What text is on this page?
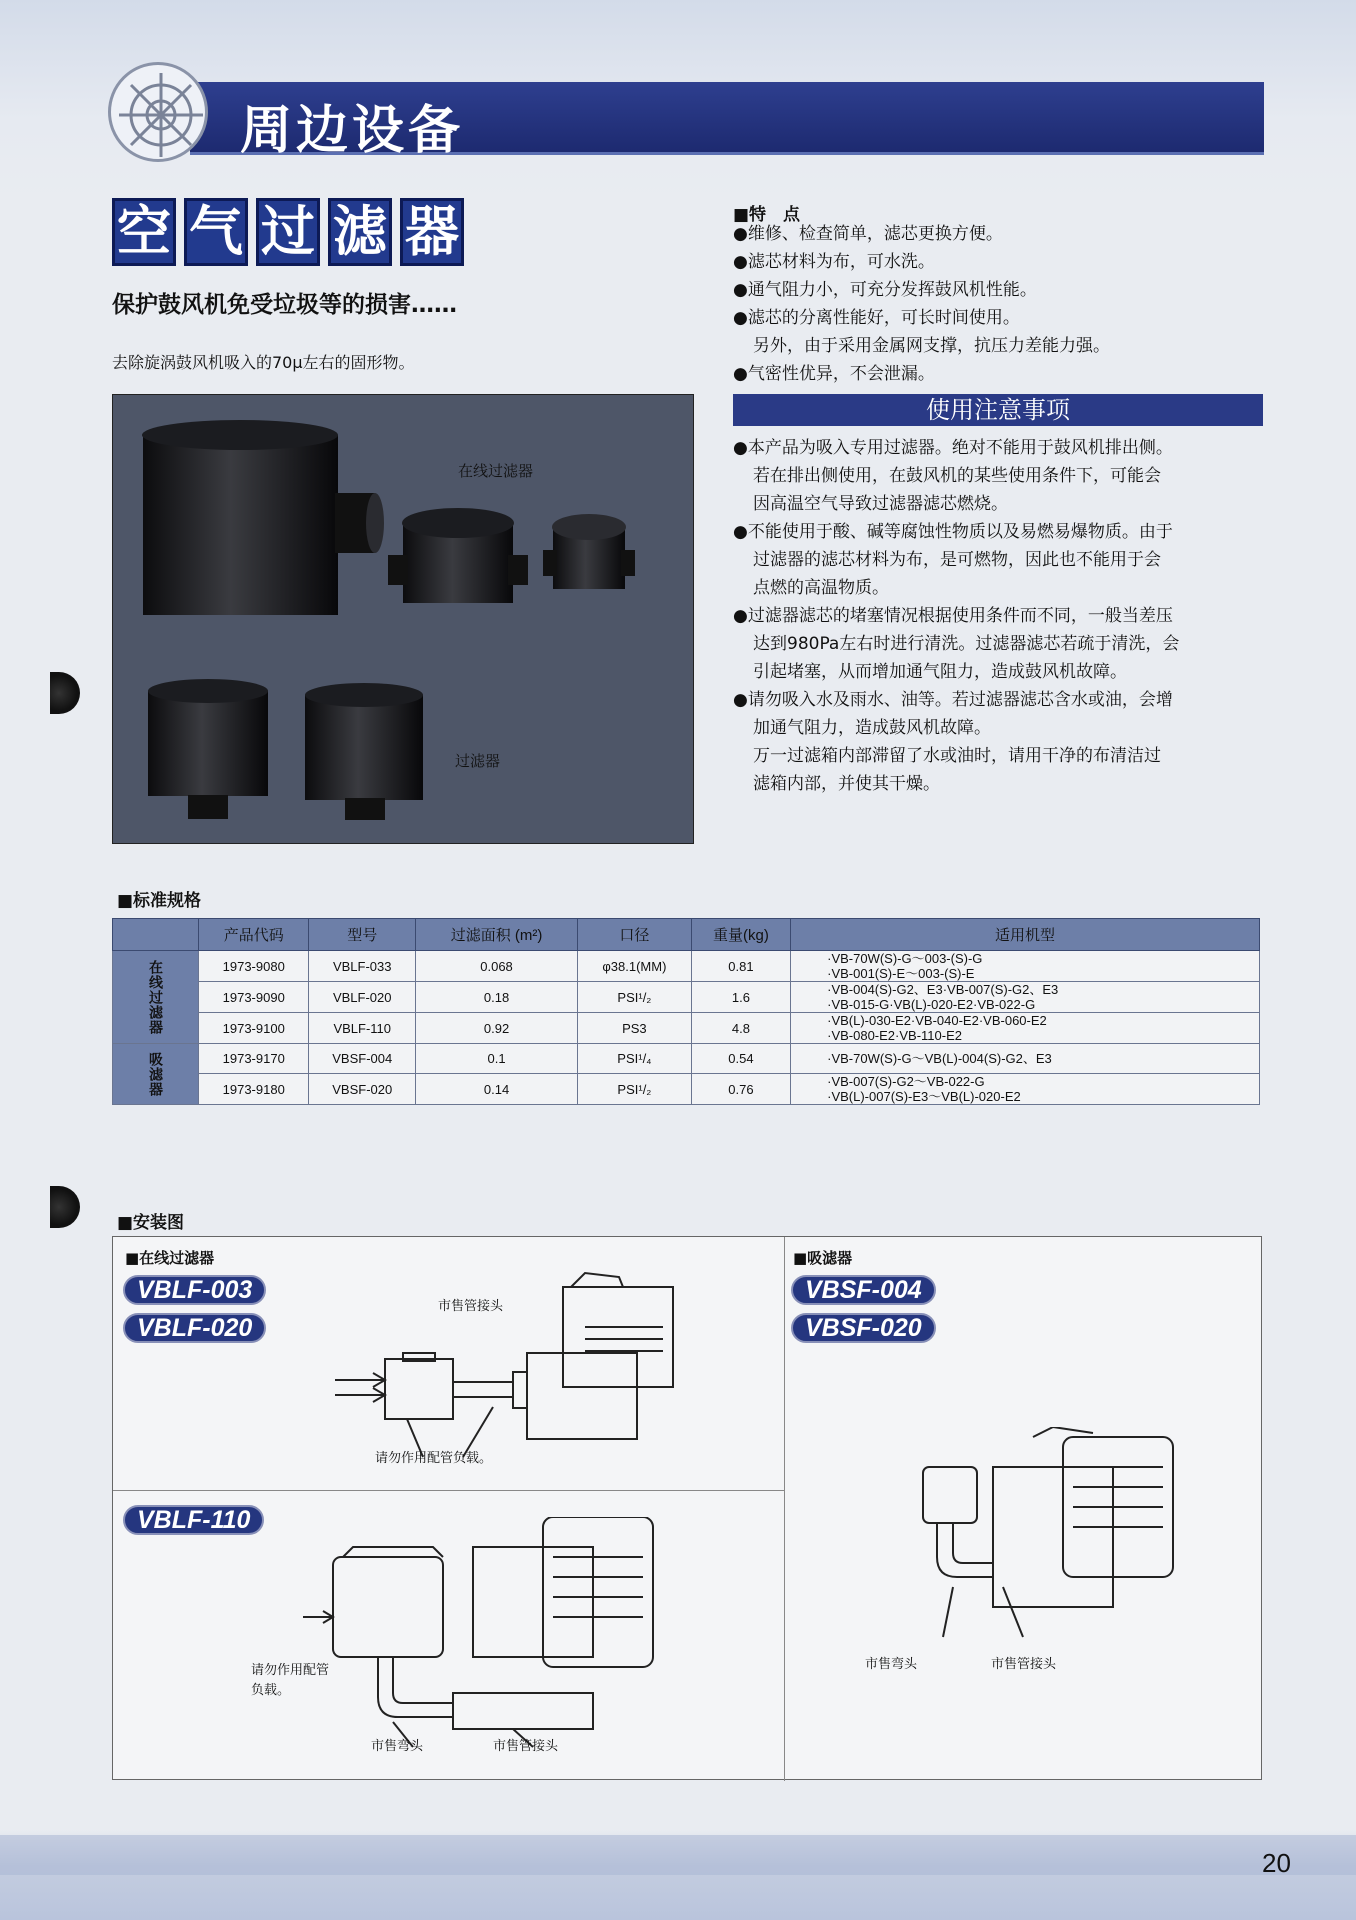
周边设备
空 气 过 滤 器
保护鼓风机免受垃圾等的损害……
去除旋涡鼓风机吸入的70μ左右的固形物。
在线过滤器
过滤器
■特　点
●维修、检查简单，滤芯更换方便。
●滤芯材料为布，可水洗。
●通气阻力小，可充分发挥鼓风机性能。
●滤芯的分离性能好，可长时间使用。
另外，由于采用金属网支撑，抗压力差能力强。
●气密性优异，不会泄漏。
使用注意事项
●本产品为吸入专用过滤器。绝对不能用于鼓风机排出侧。
若在排出侧使用，在鼓风机的某些使用条件下，可能会
因高温空气导致过滤器滤芯燃烧。
●不能使用于酸、碱等腐蚀性物质以及易燃易爆物质。由于
过滤器的滤芯材料为布，是可燃物，因此也不能用于会
点燃的高温物质。
●过滤器滤芯的堵塞情况根据使用条件而不同，一般当差压
达到980Pa左右时进行清洗。过滤器滤芯若疏于清洗，会
引起堵塞，从而增加通气阻力，造成鼓风机故障。
●请勿吸入水及雨水、油等。若过滤器滤芯含水或油，会增
加通气阻力，造成鼓风机故障。
万一过滤箱内部滞留了水或油时，请用干净的布清洁过
滤箱内部，并使其干燥。
■标准规格
	产品代码	型号	过滤面积 (m²)	口径	重量(kg)	适用机型
在线过滤器	1973-9080	VBLF-033	0.068	φ38.1(MM)	0.81	·VB-70W(S)-G～003-(S)-G
·VB-001(S)-E～003-(S)-E

	1973-9090	VBLF-020	0.18	PSI¹/₂	1.6	·VB-004(S)-G2、E3·VB-007(S)-G2、E3
·VB-015-G·VB(L)-020-E2·VB-022-G

	1973-9100	VBLF-110	0.92	PS3	4.8	·VB(L)-030-E2·VB-040-E2·VB-060-E2
·VB-080-E2·VB-110-E2

吸滤器	1973-9170	VBSF-004	0.1	PSI¹/₄	0.54	·VB-70W(S)-G～VB(L)-004(S)-G2、E3

	1973-9180	VBSF-020	0.14	PSI¹/₂	0.76	·VB-007(S)-G2～VB-022-G
·VB(L)-007(S)-E3～VB(L)-020-E2
■安装图
■在线过滤器
VBLF-003
VBLF-020
市售管接头
请勿作用配管负载。
VBLF-110
请勿作用配管
负载。
市售弯头	市售管接头
■吸滤器
VBSF-004
VBSF-020
市售弯头	市售管接头
20
